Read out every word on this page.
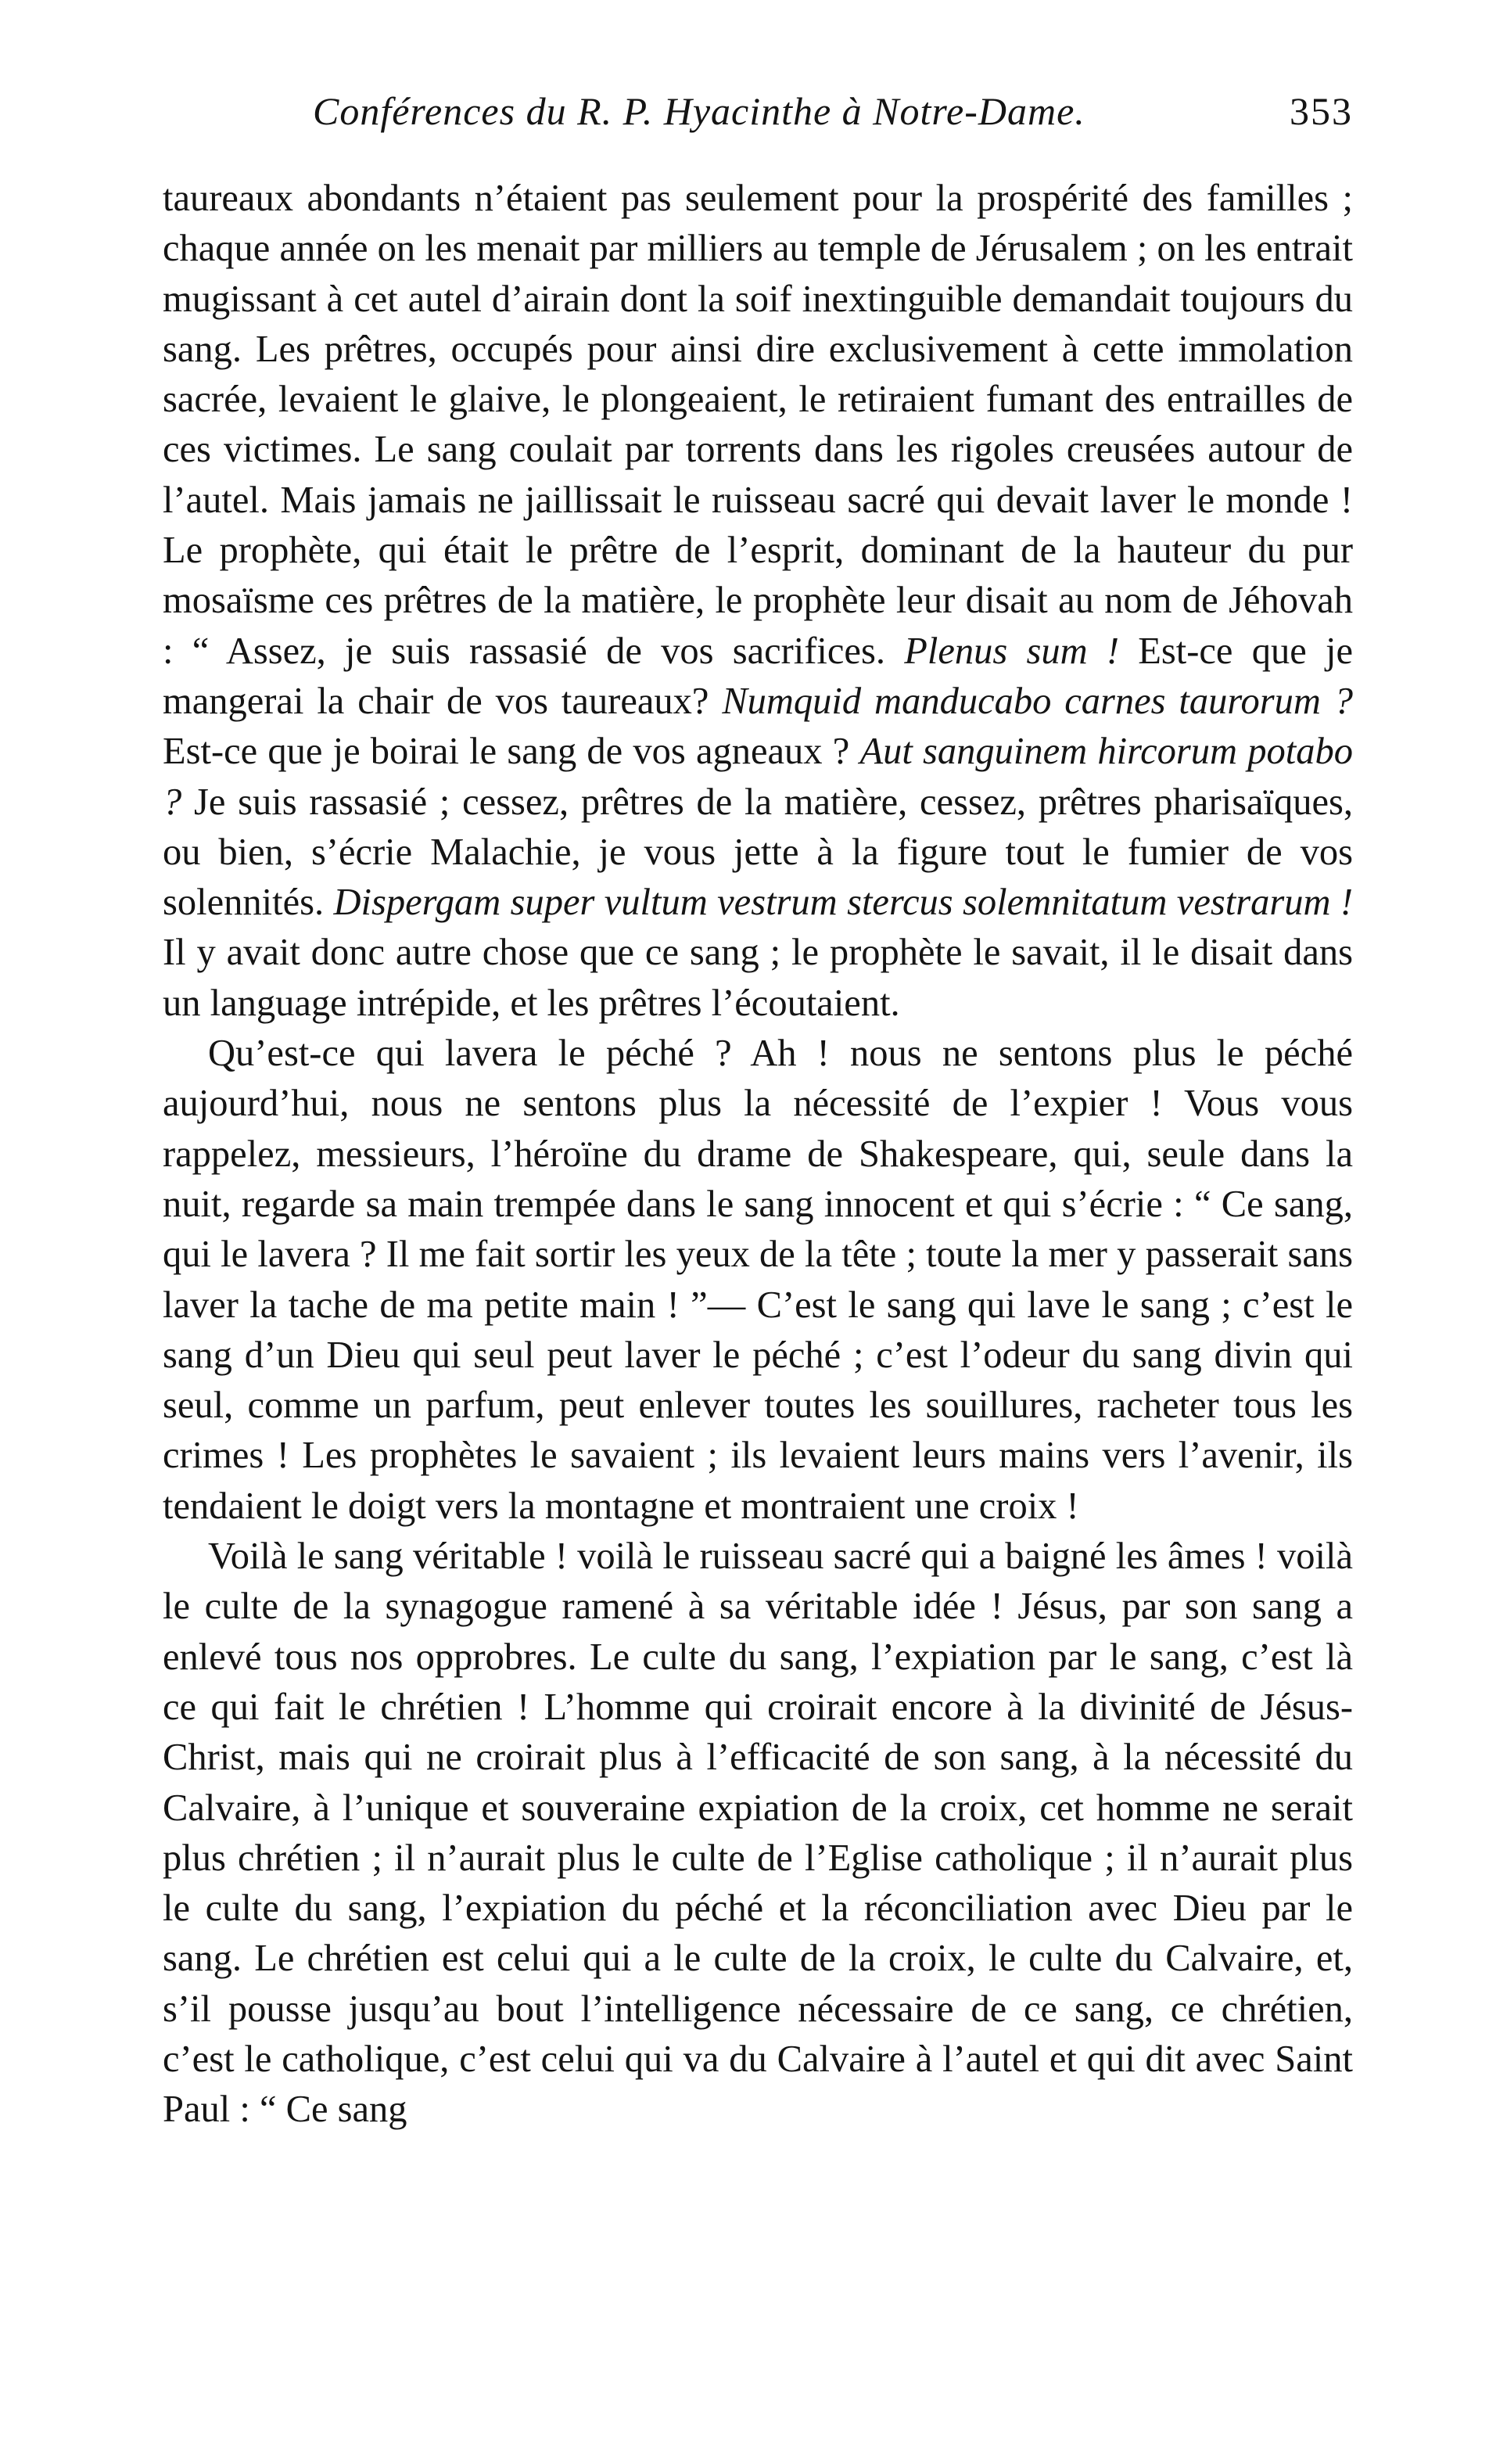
Conférences du R. P. Hyacinthe à Notre-Dame.	353

taureaux abondants n’étaient pas seulement pour la prospérité des familles ; chaque année on les menait par milliers au temple de Jérusalem ; on les entrait mugissant à cet autel d’airain dont la soif inextinguible demandait toujours du sang. Les prêtres, occupés pour ainsi dire exclusivement à cette immolation sacrée, levaient le glaive, le plongeaient, le retiraient fumant des entrailles de ces victimes. Le sang coulait par torrents dans les rigoles creusées autour de l’autel. Mais jamais ne jaillissait le ruisseau sacré qui devait laver le monde ! Le prophète, qui était le prêtre de l’esprit, dominant de la hauteur du pur mosaïsme ces prêtres de la matière, le prophète leur disait au nom de Jéhovah : “ Assez, je suis rassasié de vos sacrifices. Plenus sum ! Est-ce que je mangerai la chair de vos taureaux? Numquid manducabo carnes taurorum ? Est-ce que je boirai le sang de vos agneaux ? Aut sanguinem hircorum potabo ? Je suis rassasié ; cessez, prêtres de la matière, cessez, prêtres pharisaïques, ou bien, s’écrie Malachie, je vous jette à la figure tout le fumier de vos solennités. Dispergam super vultum vestrum stercus solemnitatum vestrarum ! Il y avait donc autre chose que ce sang ; le prophète le savait, il le disait dans un language intrépide, et les prêtres l’écoutaient.

Qu’est-ce qui lavera le péché ? Ah ! nous ne sentons plus le péché aujourd’hui, nous ne sentons plus la nécessité de l’expier ! Vous vous rappelez, messieurs, l’héroïne du drame de Shakespeare, qui, seule dans la nuit, regarde sa main trempée dans le sang innocent et qui s’écrie : “ Ce sang, qui le lavera ? Il me fait sortir les yeux de la tête ; toute la mer y passerait sans laver la tache de ma petite main ! ”— C’est le sang qui lave le sang ; c’est le sang d’un Dieu qui seul peut laver le péché ; c’est l’odeur du sang divin qui seul, comme un parfum, peut enlever toutes les souillures, racheter tous les crimes ! Les prophètes le savaient ; ils levaient leurs mains vers l’avenir, ils tendaient le doigt vers la montagne et montraient une croix !

Voilà le sang véritable ! voilà le ruisseau sacré qui a baigné les âmes ! voilà le culte de la synagogue ramené à sa véritable idée ! Jésus, par son sang a enlevé tous nos opprobres. Le culte du sang, l’expiation par le sang, c’est là ce qui fait le chrétien ! L’homme qui croirait encore à la divinité de Jésus-Christ, mais qui ne croirait plus à l’efficacité de son sang, à la nécessité du Calvaire, à l’unique et souveraine expiation de la croix, cet homme ne serait plus chrétien ; il n’aurait plus le culte de l’Eglise catholique ; il n’aurait plus le culte du sang, l’expiation du péché et la réconciliation avec Dieu par le sang. Le chrétien est celui qui a le culte de la croix, le culte du Calvaire, et, s’il pousse jusqu’au bout l’intelligence nécessaire de ce sang, ce chrétien, c’est le catholique, c’est celui qui va du Calvaire à l’autel et qui dit avec Saint Paul : “ Ce sang
